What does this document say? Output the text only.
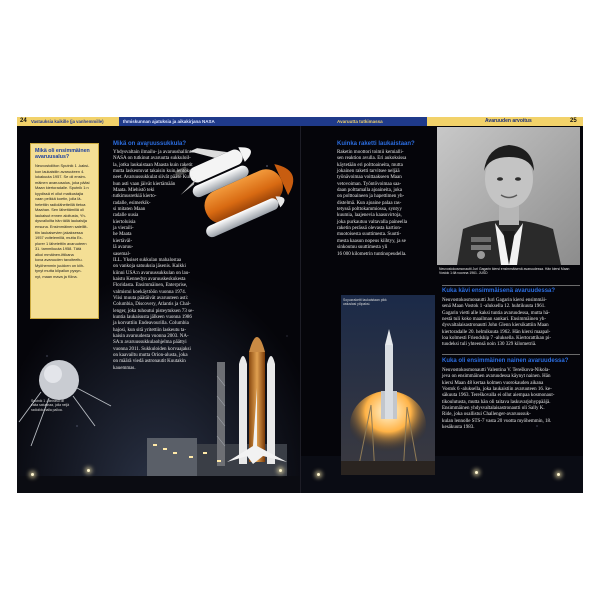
24 Vastauksia kaikille (ja vanhemmille)	Ihmiskunnan ajatuksia ja aikakirjana NASA	Avaruutta tutkimassa	Avaruuden arvoitus	25
Mikä oli ensimmäinen avaruusalus?

Neuvostoliiton Sputnik 1 -kaksi-
kon laukaistiin avaruuteen 4.
lokakuuta 1957. Se oli ensim-
mäinen avaruusalus, joka pääsi
Maan kiertoradalle. Sputnik 1:n
kyydissä ei ollut matkustajia
vaan pelkkä koetin, jolla lä-
hetettiin radiolähetteillä tietoa
Maahan. Sen lähettämillä oli
laukaisut ennen aloitusta, Yh-
dysvalloilta hän tällä laukaisija
ensuna. Ensimmäinen satelliit-
tiin laukaisevien jakaksessa
1957 voitelemillä, mutta Ex-
plorer 1 lähetettiin avaruuteen
31. tammikuuta 1958. Tätä
alkoi mmäinen-ittikana
kova avaruuden tavoiteeltu.
Myöhemmin juukken on kiih-
tynyt mutta kilpailun pysyn-
nyt, maan mava ja Kiina.

Sputnik 1 -kiinirasu oli
valta satunnaa, jolla neljä
radioikkunalla palloa.

Mikä on avaruussukkula?

Yhdysvaltain ilmailu- ja avaruushallinto
NASA on tutkinut avaruutta sukkuloil-
la, jotka laukaistaan Maasta kuin raketit
mutta laskeutuvat takaisin kuin lentoko-
neet. Avaruussukkulat siivät pääse Kuu-
hun asti vaan jäivät kiertämään
Maata. Miehistö teki
tutkimusretkiä kierto-
radalle, esimerkik-
si mitaten Maan
radalle uusia
kiertoluisia
ja vieraili-
he Maata
kiertäväl-
lä avaruu-
sasemal-
ILL. Yksiset sukkulan mahalostaa
on vankoja satuuksia jäsenis. Kaikki
kiinni USA:n avaruussukkulan on lau-
kaistu Kennedyn avaruuskeskukesta
Floridasta. Ensimmäinen, Enterprise,
valmistui koekäyttöön vuonna 1974.
Viisi muuta päätäivät avaruuteen asti:
Columbia, Discovery, Atlantis ja Chal-
lenger, joka tuhoutui pisteytuksen 73 se-
kuntia laukaisusta jälkeen vuonna 1986
ja korvattiin Endeavourilla. Columbia
hajosi, kun sitä yritettiin laskeutu ta-
kaisin avaruudesta vuonna 2003. NA-
SA:n avaruussukkulaohjelma päättyi
vuonna 2011. Sukkuloiden korvaajaksi
on kaavailtu mutta Orion-alusta, joka
on määrä viedä astronautit Kuutakin
kauemmas.

Kuinka raketti laukaistaan?

Raketin moottori toimii kemialli-
sen reaktion avulla. Eri aukoksissa
käytetään eri polttoaineita, mutta
jokainen raketti tarvitsee neljää
työnävoimaa voittaakseen Maan
vetovoiman. Työntövoimaa saa-
daan polttamalla ajoaineita, joka
on polttoaineen ja hapettimen yh-
distelmä. Kun ajoaine palaa ras-
tetyssä polttokammiossa, syntyy
kuumia, laajenevia kaasuvirtoja,
joka purkautuu valtavalla paineella
raketin perässä olevasta kartion-
muotoisesta suuttimesta. Suutti-
mesta kaasun nopeus kiihtyy, ja se
sinkoutuu suuttimesta yli
16 000 kilometrin tuntinopeudella.

Soyuzraketti laukaistaan pikk
ustuslasi ylöpaksi.

Neuvostokosmonautti Juri Gagarin kiersi ensimmäisenä avaruudessa. Hän kiersi Maan Vostok 1:llä vuonna 1961. JUSD

Kuka kävi ensimmäisenä avaruudessa?

Neuvostokosmonautti Juri Gagarin kiersi ensimmäi-
senä Maan Vostok 1 -aluksella 12. huhtikuuta 1961.
Gagarin vietti alle kaksi tuntia avaruudessa, mutta hä-
nestä tuli koko maailman sankari. Ensimmäinen yh-
dysvaltalaisastronautti John Glenn kiersikattiin Maan
kiertoradalle 20. helmikuuta 1962. Hän kiersi maapal-
loa kolmesti Friendship 7 -aluksella. Kiertorattikan pi-
tuudeksi tuli yhteensä noin 130 329 kilometriä.

Kuka oli ensimmäinen nainen avaruudessa?

Neuvostokosmonautti Valentina V. Tereškova-Nikola-
jeva on ensimmäinen avaruudessa käynyt nainen. Hän
kiersi Maan 48 kertaa kolmen vuorokauden aikana
Vostok 6 -aluksella, joka laukaistiin avaruuteen 16. ke-
säkuuta 1963. Tereškovalla ei ollut aiempaa kosmonaut-
tikoulutusta, mutta hän oli taitava laskuvarjohyppääjä.
Ensimmäinen yhdysvaltalaisastronautti oli Sally K.
Ride, joka osallistui Challenger-avaruussuk-
kulan lennolle STS-7 vasta 20 vuotta myöhemmin, 18.
kesäkuuta 1983.
